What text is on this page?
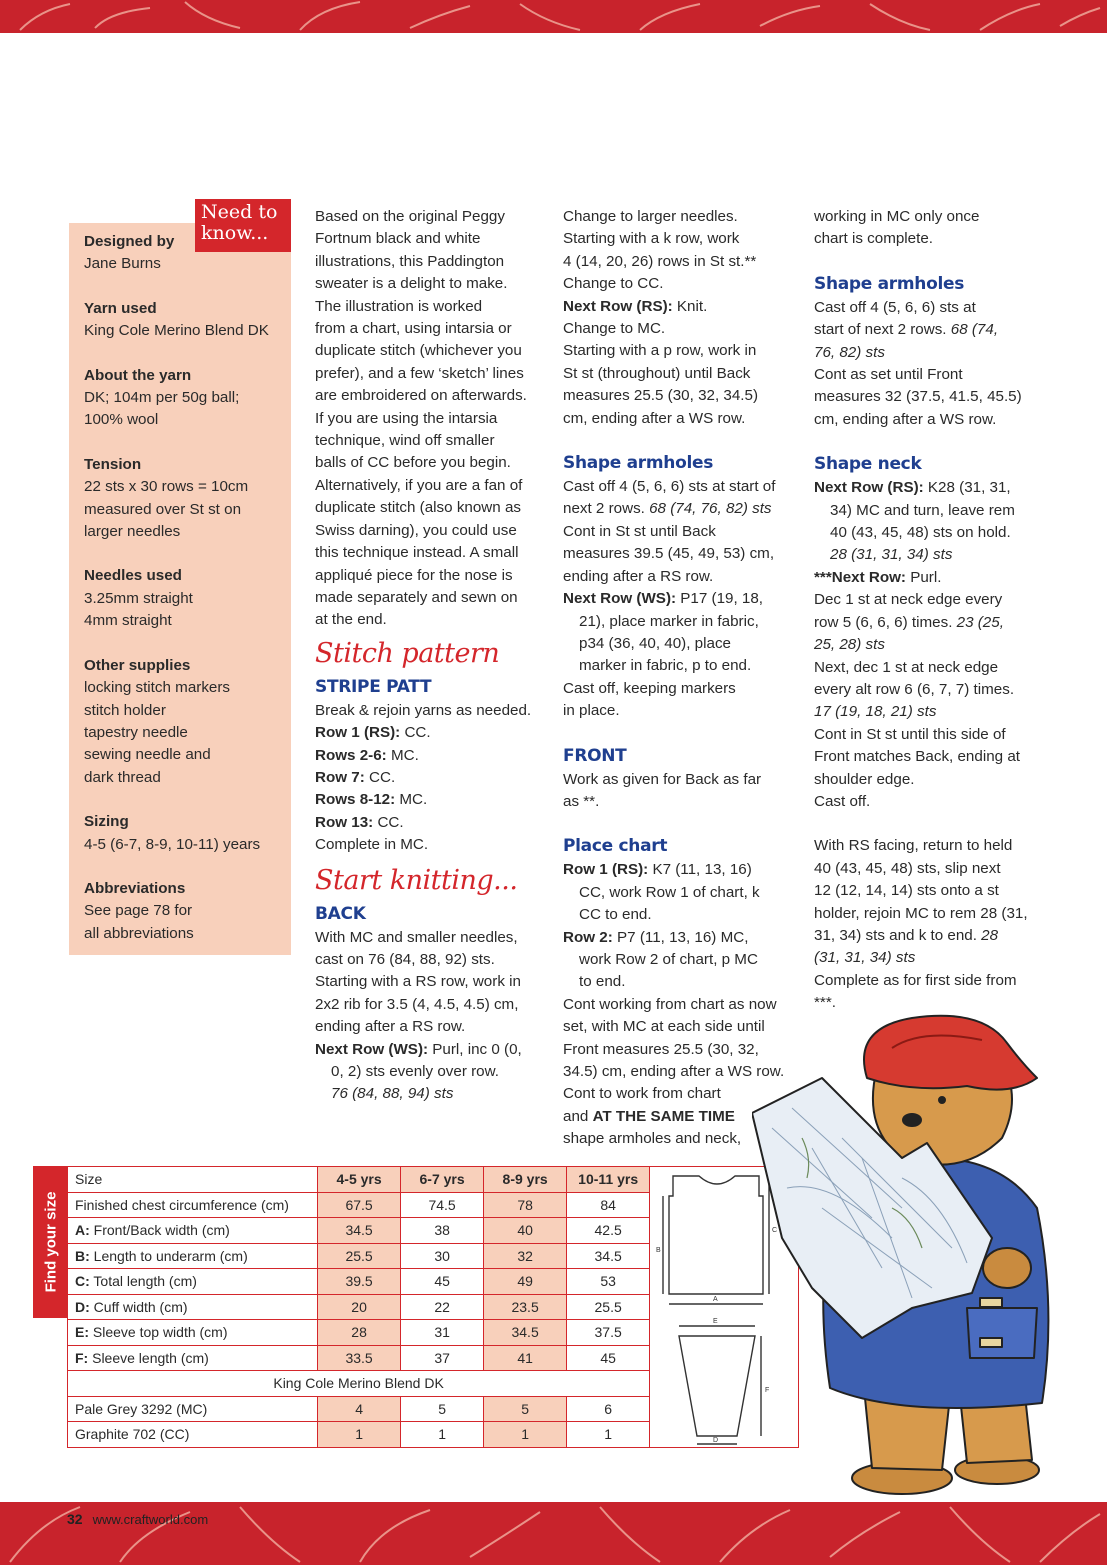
Designed by
Jane Burns
Yarn used
King Cole Merino Blend DK
About the yarn
DK; 104m per 50g ball;
100% wool
Tension
22 sts x 30 rows = 10cm
measured over St st on
larger needles
Needles used
3.25mm straight
4mm straight
Other supplies
locking stitch markers
stitch holder
tapestry needle
sewing needle and
dark thread
Sizing
4-5 (6-7, 8-9, 10-11) years
Abbreviations
See page 78 for
all abbreviations
Need to
know...

Based on the original Peggy

Fortnum black and white

illustrations, this Paddington

sweater is a delight to make.

The illustration is worked

from a chart, using intarsia or

duplicate stitch (whichever you

prefer), and a few ‘sketch’ lines

are embroidered on afterwards.

If you are using the intarsia

technique, wind off smaller

balls of CC before you begin.

Alternatively, if you are a fan of

duplicate stitch (also known as

Swiss darning), you could use

this technique instead. A small

appliqué piece for the nose is

made separately and sewn on

at the end.

Stitch pattern
STRIPE PATT

Break & rejoin yarns as needed.

Row 1 (RS): CC.

Rows 2-6: MC.

Row 7: CC.

Rows 8-12: MC.

Row 13: CC.

Complete in MC.

Start knitting...
BACK

With MC and smaller needles,

cast on 76 (84, 88, 92) sts.

Starting with a RS row, work in

2x2 rib for 3.5 (4, 4.5, 4.5) cm,

ending after a RS row.

Next Row (WS): Purl, inc 0 (0,

0, 2) sts evenly over row.

76 (84, 88, 94) sts

Change to larger needles.

Starting with a k row, work

4 (14, 20, 26) rows in St st.**

Change to CC.

Next Row (RS): Knit.

Change to MC.

Starting with a p row, work in

St st (throughout) until Back

measures 25.5 (30, 32, 34.5)

cm, ending after a WS row.

Shape armholes

Cast off 4 (5, 6, 6) sts at start of

next 2 rows. 68 (74, 76, 82) sts

Cont in St st until Back

measures 39.5 (45, 49, 53) cm,

ending after a RS row.

Next Row (WS): P17 (19, 18,

21), place marker in fabric,

p34 (36, 40, 40), place

marker in fabric, p to end.

Cast off, keeping markers

in place.

FRONT

Work as given for Back as far

as **.

Place chart

Row 1 (RS): K7 (11, 13, 16)

CC, work Row 1 of chart, k

CC to end.

Row 2: P7 (11, 13, 16) MC,

work Row 2 of chart, p MC

to end.

Cont working from chart as now

set, with MC at each side until

Front measures 25.5 (30, 32,

34.5) cm, ending after a WS row.

Cont to work from chart

and AT THE SAME TIME

shape armholes and neck,

working in MC only once

chart is complete.

Shape armholes

Cast off 4 (5, 6, 6) sts at

start of next 2 rows. 68 (74,

76, 82) sts

Cont as set until Front

measures 32 (37.5, 41.5, 45.5)

cm, ending after a WS row.

Shape neck

Next Row (RS): K28 (31, 31,

34) MC and turn, leave rem

40 (43, 45, 48) sts on hold.

28 (31, 31, 34) sts

***Next Row: Purl.

Dec 1 st at neck edge every

row 5 (6, 6, 6) times. 23 (25,

25, 28) sts

Next, dec 1 st at neck edge

every alt row 6 (6, 7, 7) times.

17 (19, 18, 21) sts

Cont in St st until this side of

Front matches Back, ending at

shoulder edge.

Cast off.

With RS facing, return to held

40 (43, 45, 48) sts, slip next

12 (12, 14, 14) sts onto a st

holder, rejoin MC to rem 28 (31,

31, 34) sts and k to end. 28

(31, 31, 34) sts

Complete as for first side from

***.

Find your size
Size	4-5 yrs	6-7 yrs	8-9 yrs	10-11 yrs	
Finished chest circumference (cm)	67.5	74.5	78	84	
A: Front/Back width (cm)	34.5	38	40	42.5	
B: Length to underarm (cm)	25.5	30	32	34.5	
C: Total length (cm)	39.5	45	49	53	
D: Cuff width (cm)	20	22	23.5	25.5	
E: Sleeve top width (cm)	28	31	34.5	37.5	
F: Sleeve length (cm)	33.5	37	41	45	
King Cole Merino Blend DK					
Pale Grey 3292 (MC)	4	5	5	6	
Graphite 702 (CC)	1	1	1	1	
A
B
C
D
E
F
32 www.craftworld.com
